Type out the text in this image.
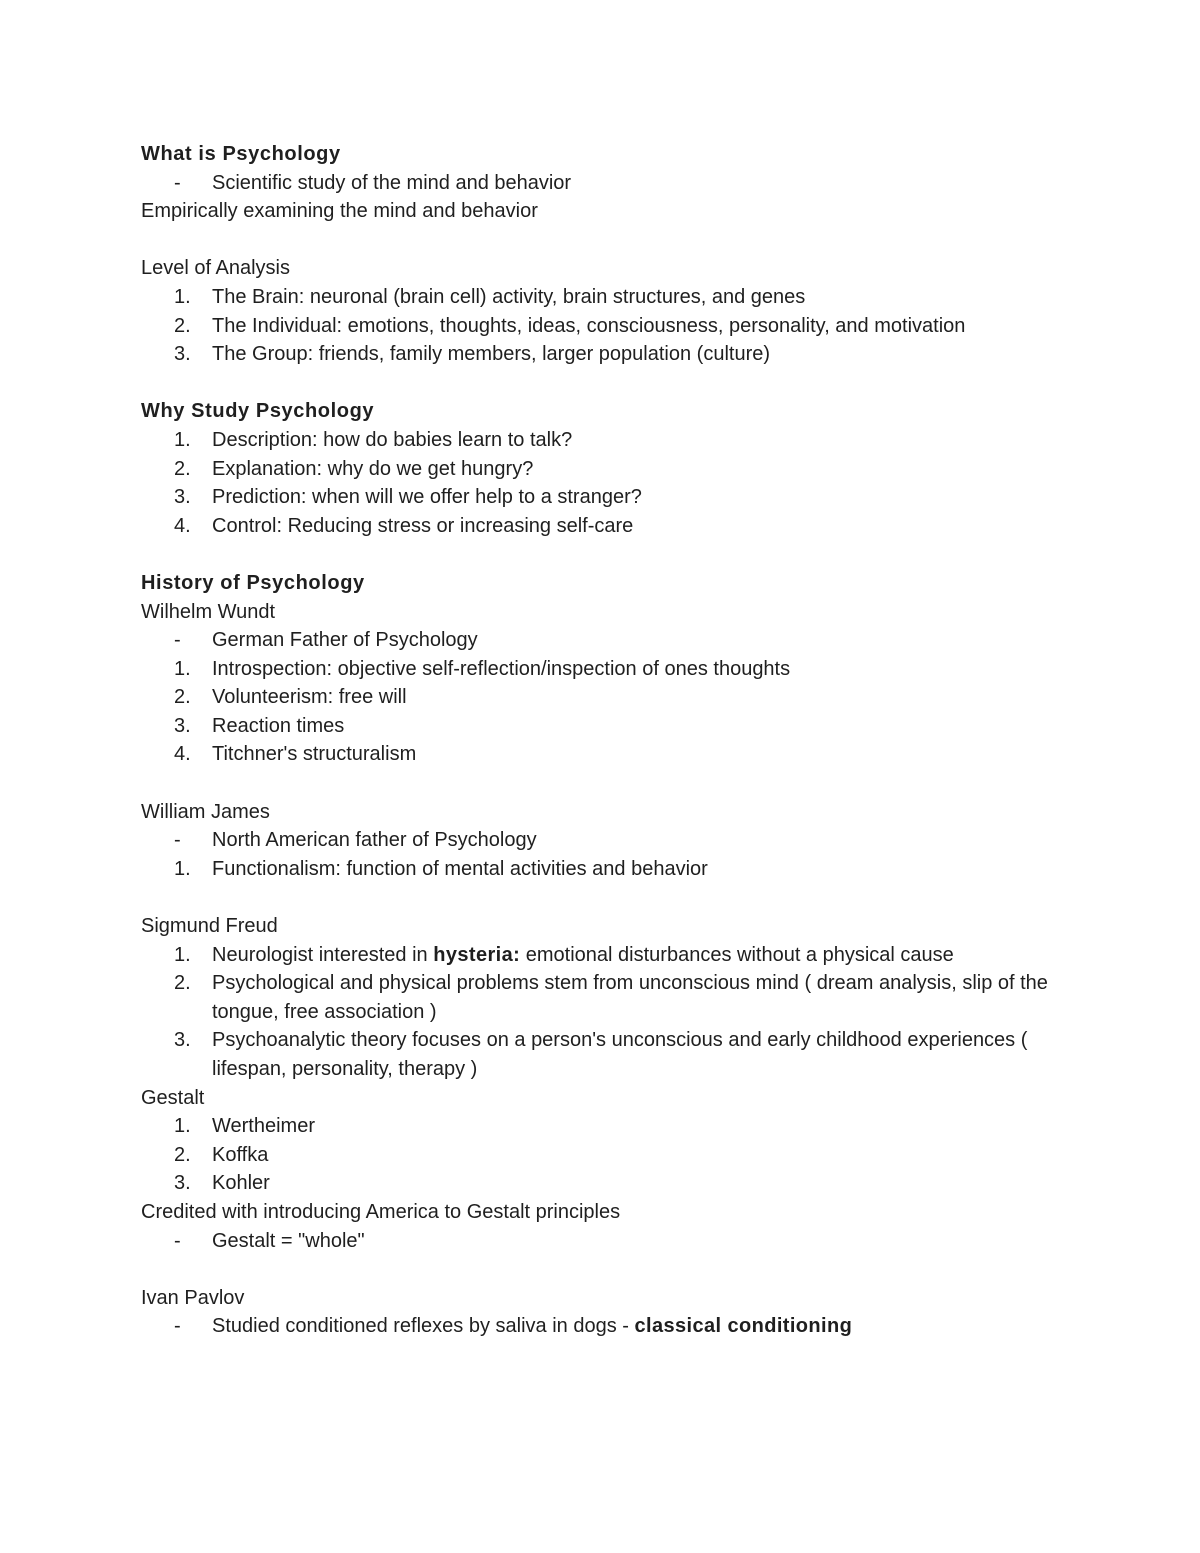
What is Psychology
-	Scientific study of the mind and behavior
Empirically examining the mind and behavior
Level of Analysis
1.	The Brain: neuronal (brain cell) activity, brain structures, and genes
2.	The Individual: emotions, thoughts, ideas, consciousness, personality, and motivation
3.	The Group: friends, family members, larger population (culture)
Why Study Psychology
1.	Description: how do babies learn to talk?
2.	Explanation: why do we get hungry?
3.	Prediction: when will we offer help to a stranger?
4.	Control: Reducing stress or increasing self-care
History of Psychology
Wilhelm Wundt
-	German Father of Psychology
1.	Introspection: objective self-reflection/inspection of ones thoughts
2.	Volunteerism: free will
3.	Reaction times
4.	Titchner's structuralism
William James
-	North American father of Psychology
1.	Functionalism: function of mental activities and behavior
Sigmund Freud
1.	Neurologist interested in hysteria: emotional disturbances without a physical cause
2.	Psychological and physical problems stem from unconscious mind ( dream analysis, slip of the tongue, free association )
3.	Psychoanalytic theory focuses on a person's unconscious and early childhood experiences ( lifespan, personality, therapy )
Gestalt
1.	Wertheimer
2.	Koffka
3.	Kohler
Credited with introducing America to Gestalt principles
-	Gestalt = "whole"
Ivan Pavlov
-	Studied conditioned reflexes by saliva in dogs - classical conditioning
